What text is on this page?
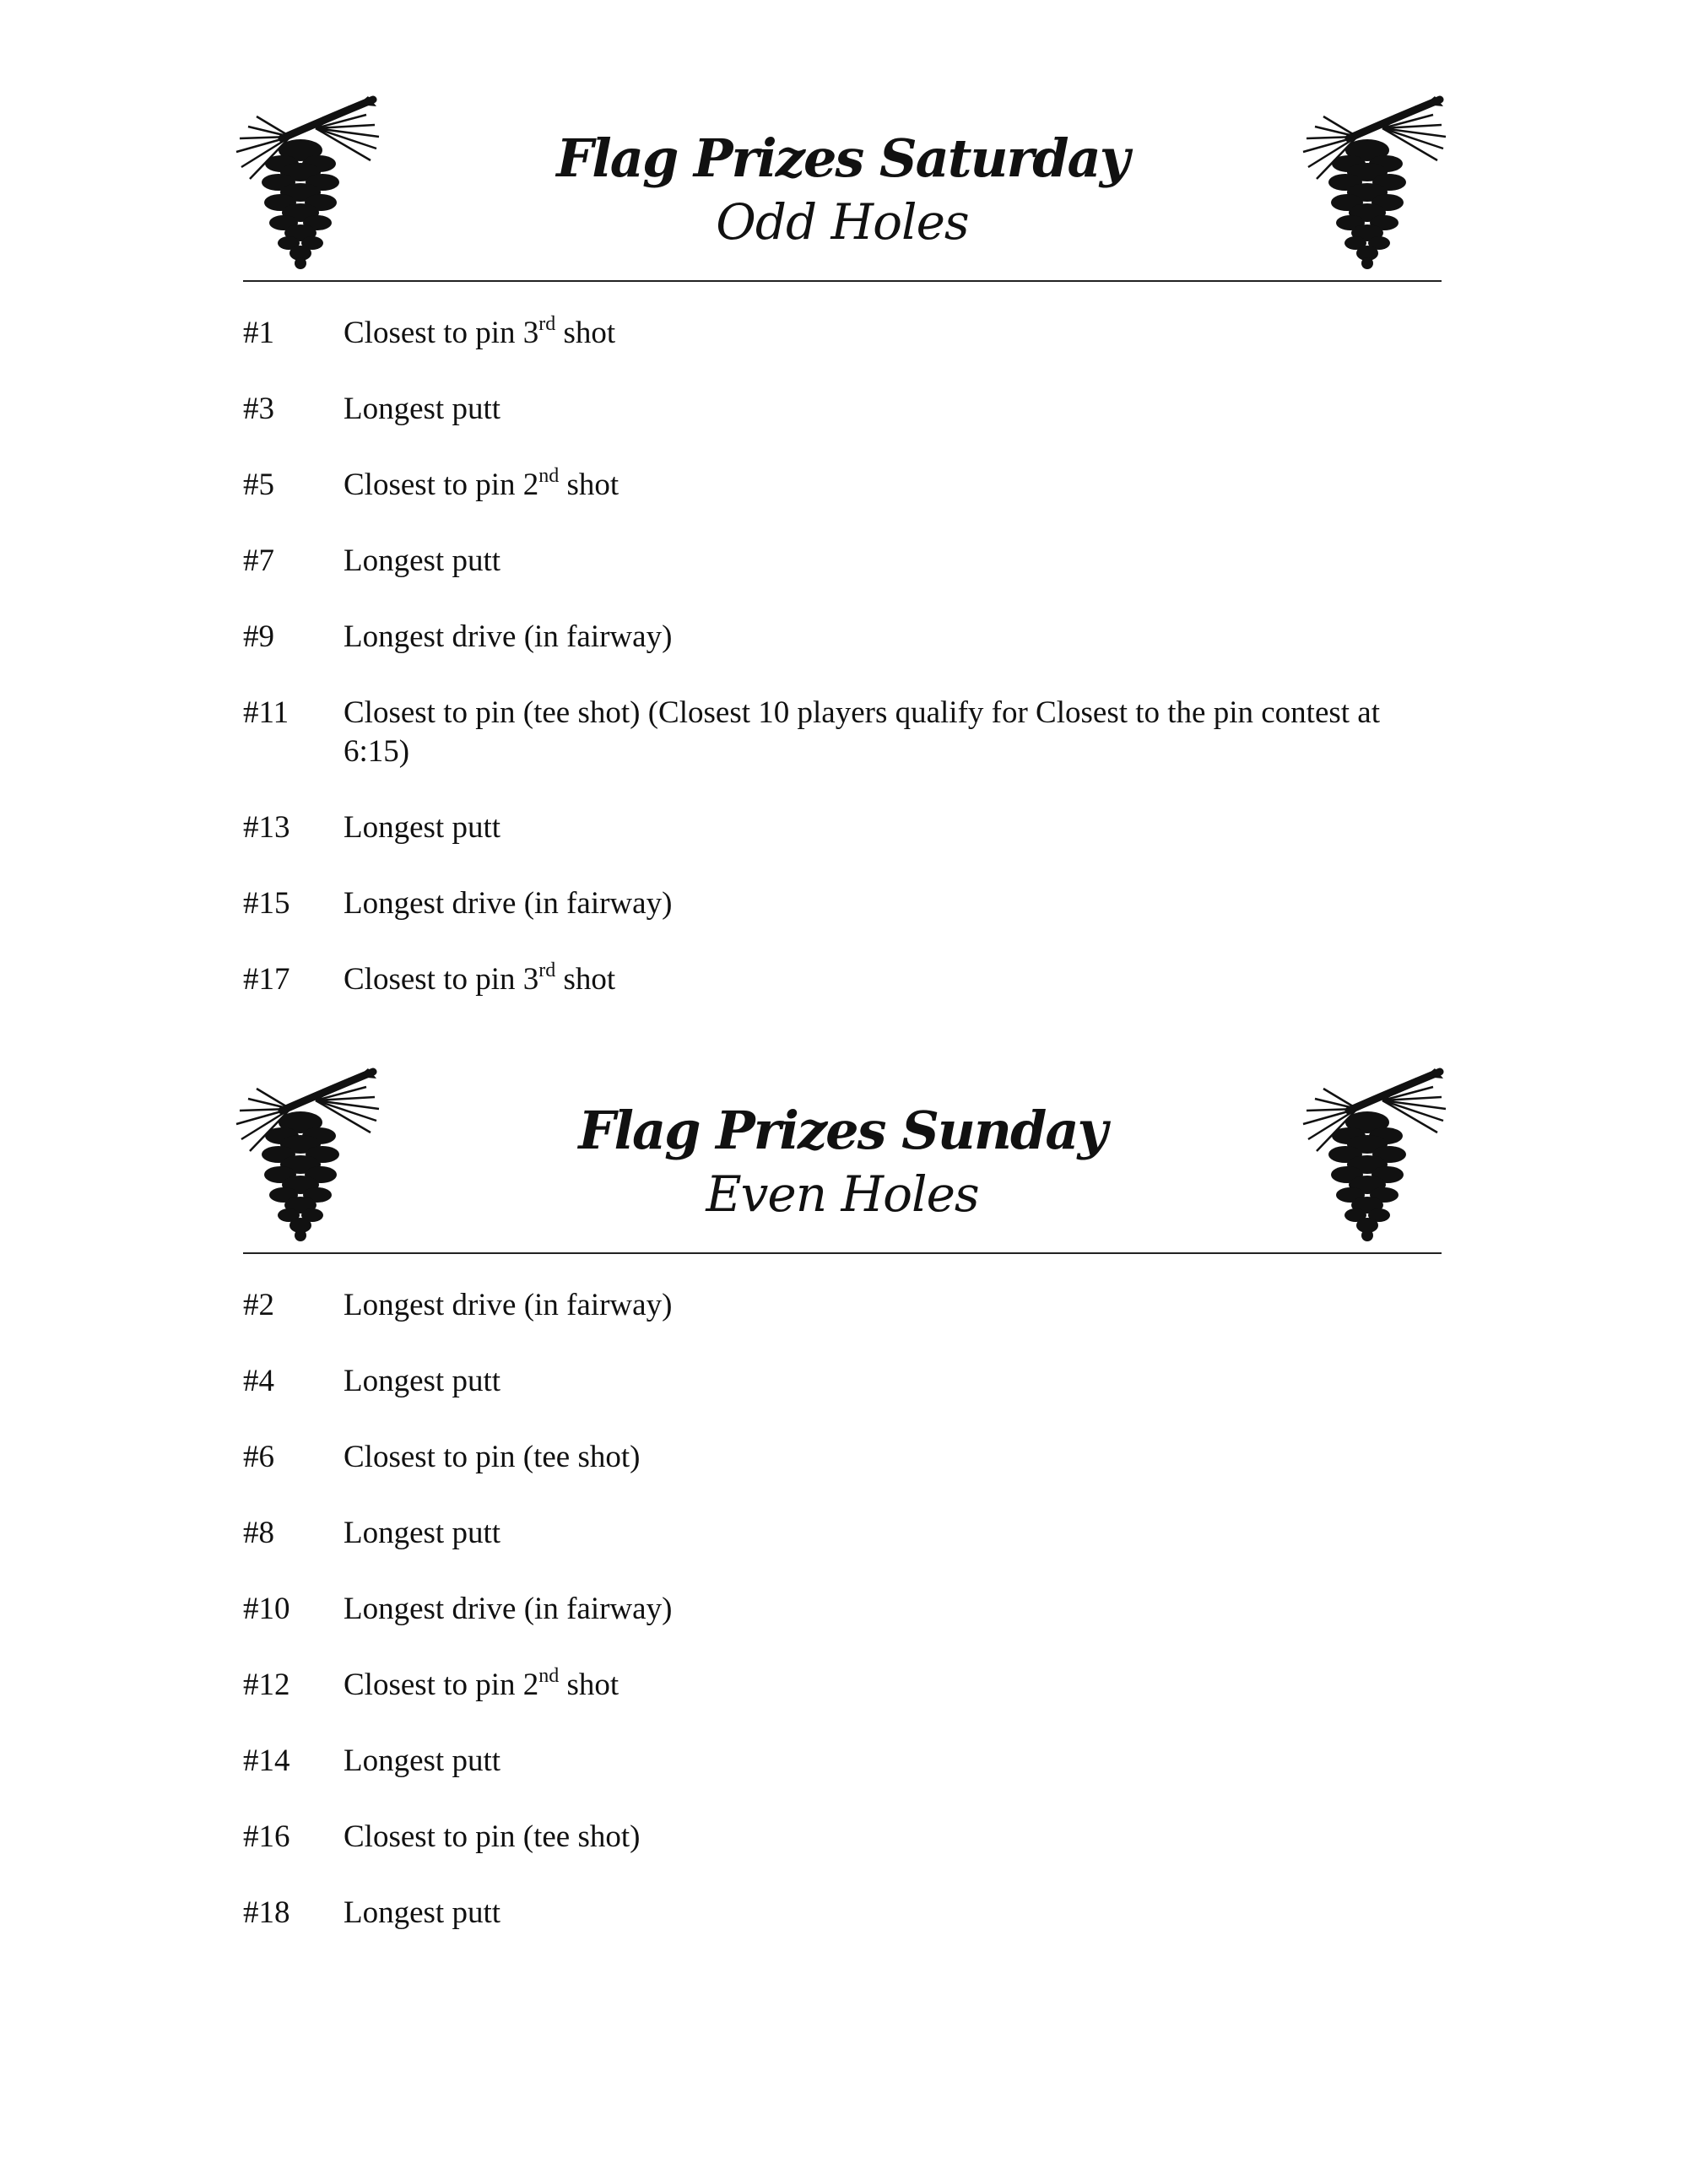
Flag Prizes Saturday
Odd Holes
#1	Closest to pin 3rd shot
#3	Longest putt
#5	Closest to pin 2nd shot
#7	Longest putt
#9	Longest drive (in fairway)
#11	Closest to pin (tee shot) (Closest 10 players qualify for Closest to the pin contest at 6:15)
#13	Longest putt
#15	Longest drive (in fairway)
#17	Closest to pin 3rd shot
Flag Prizes Sunday
Even Holes
#2	Longest drive (in fairway)
#4	Longest putt
#6	Closest to pin (tee shot)
#8	Longest putt
#10	Longest drive (in fairway)
#12	Closest to pin 2nd shot
#14	Longest putt
#16	Closest to pin (tee shot)
#18	Longest putt
